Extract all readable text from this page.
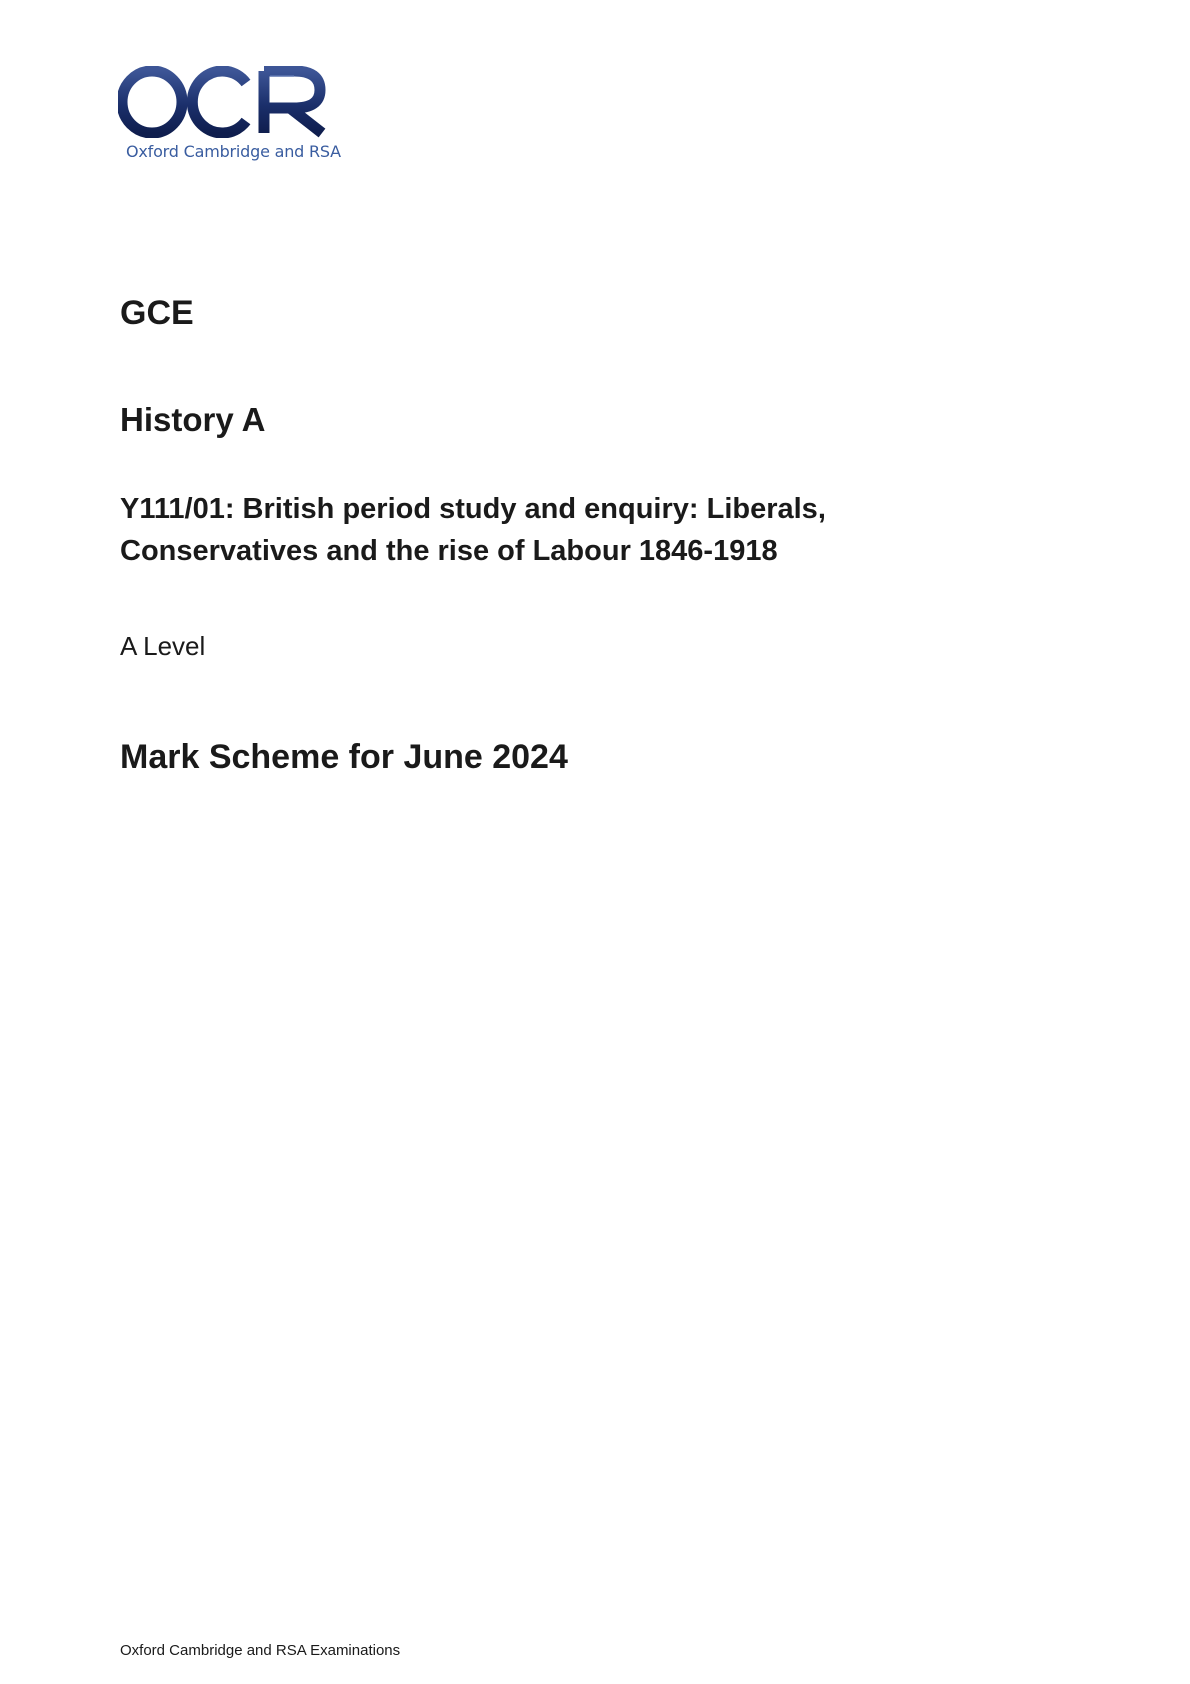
Oxford Cambridge and RSA
GCE
History A
Y111/01: British period study and enquiry: Liberals,
Conservatives and the rise of Labour 1846-1918

A Level

Mark Scheme for June 2024

Oxford Cambridge and RSA Examinations
